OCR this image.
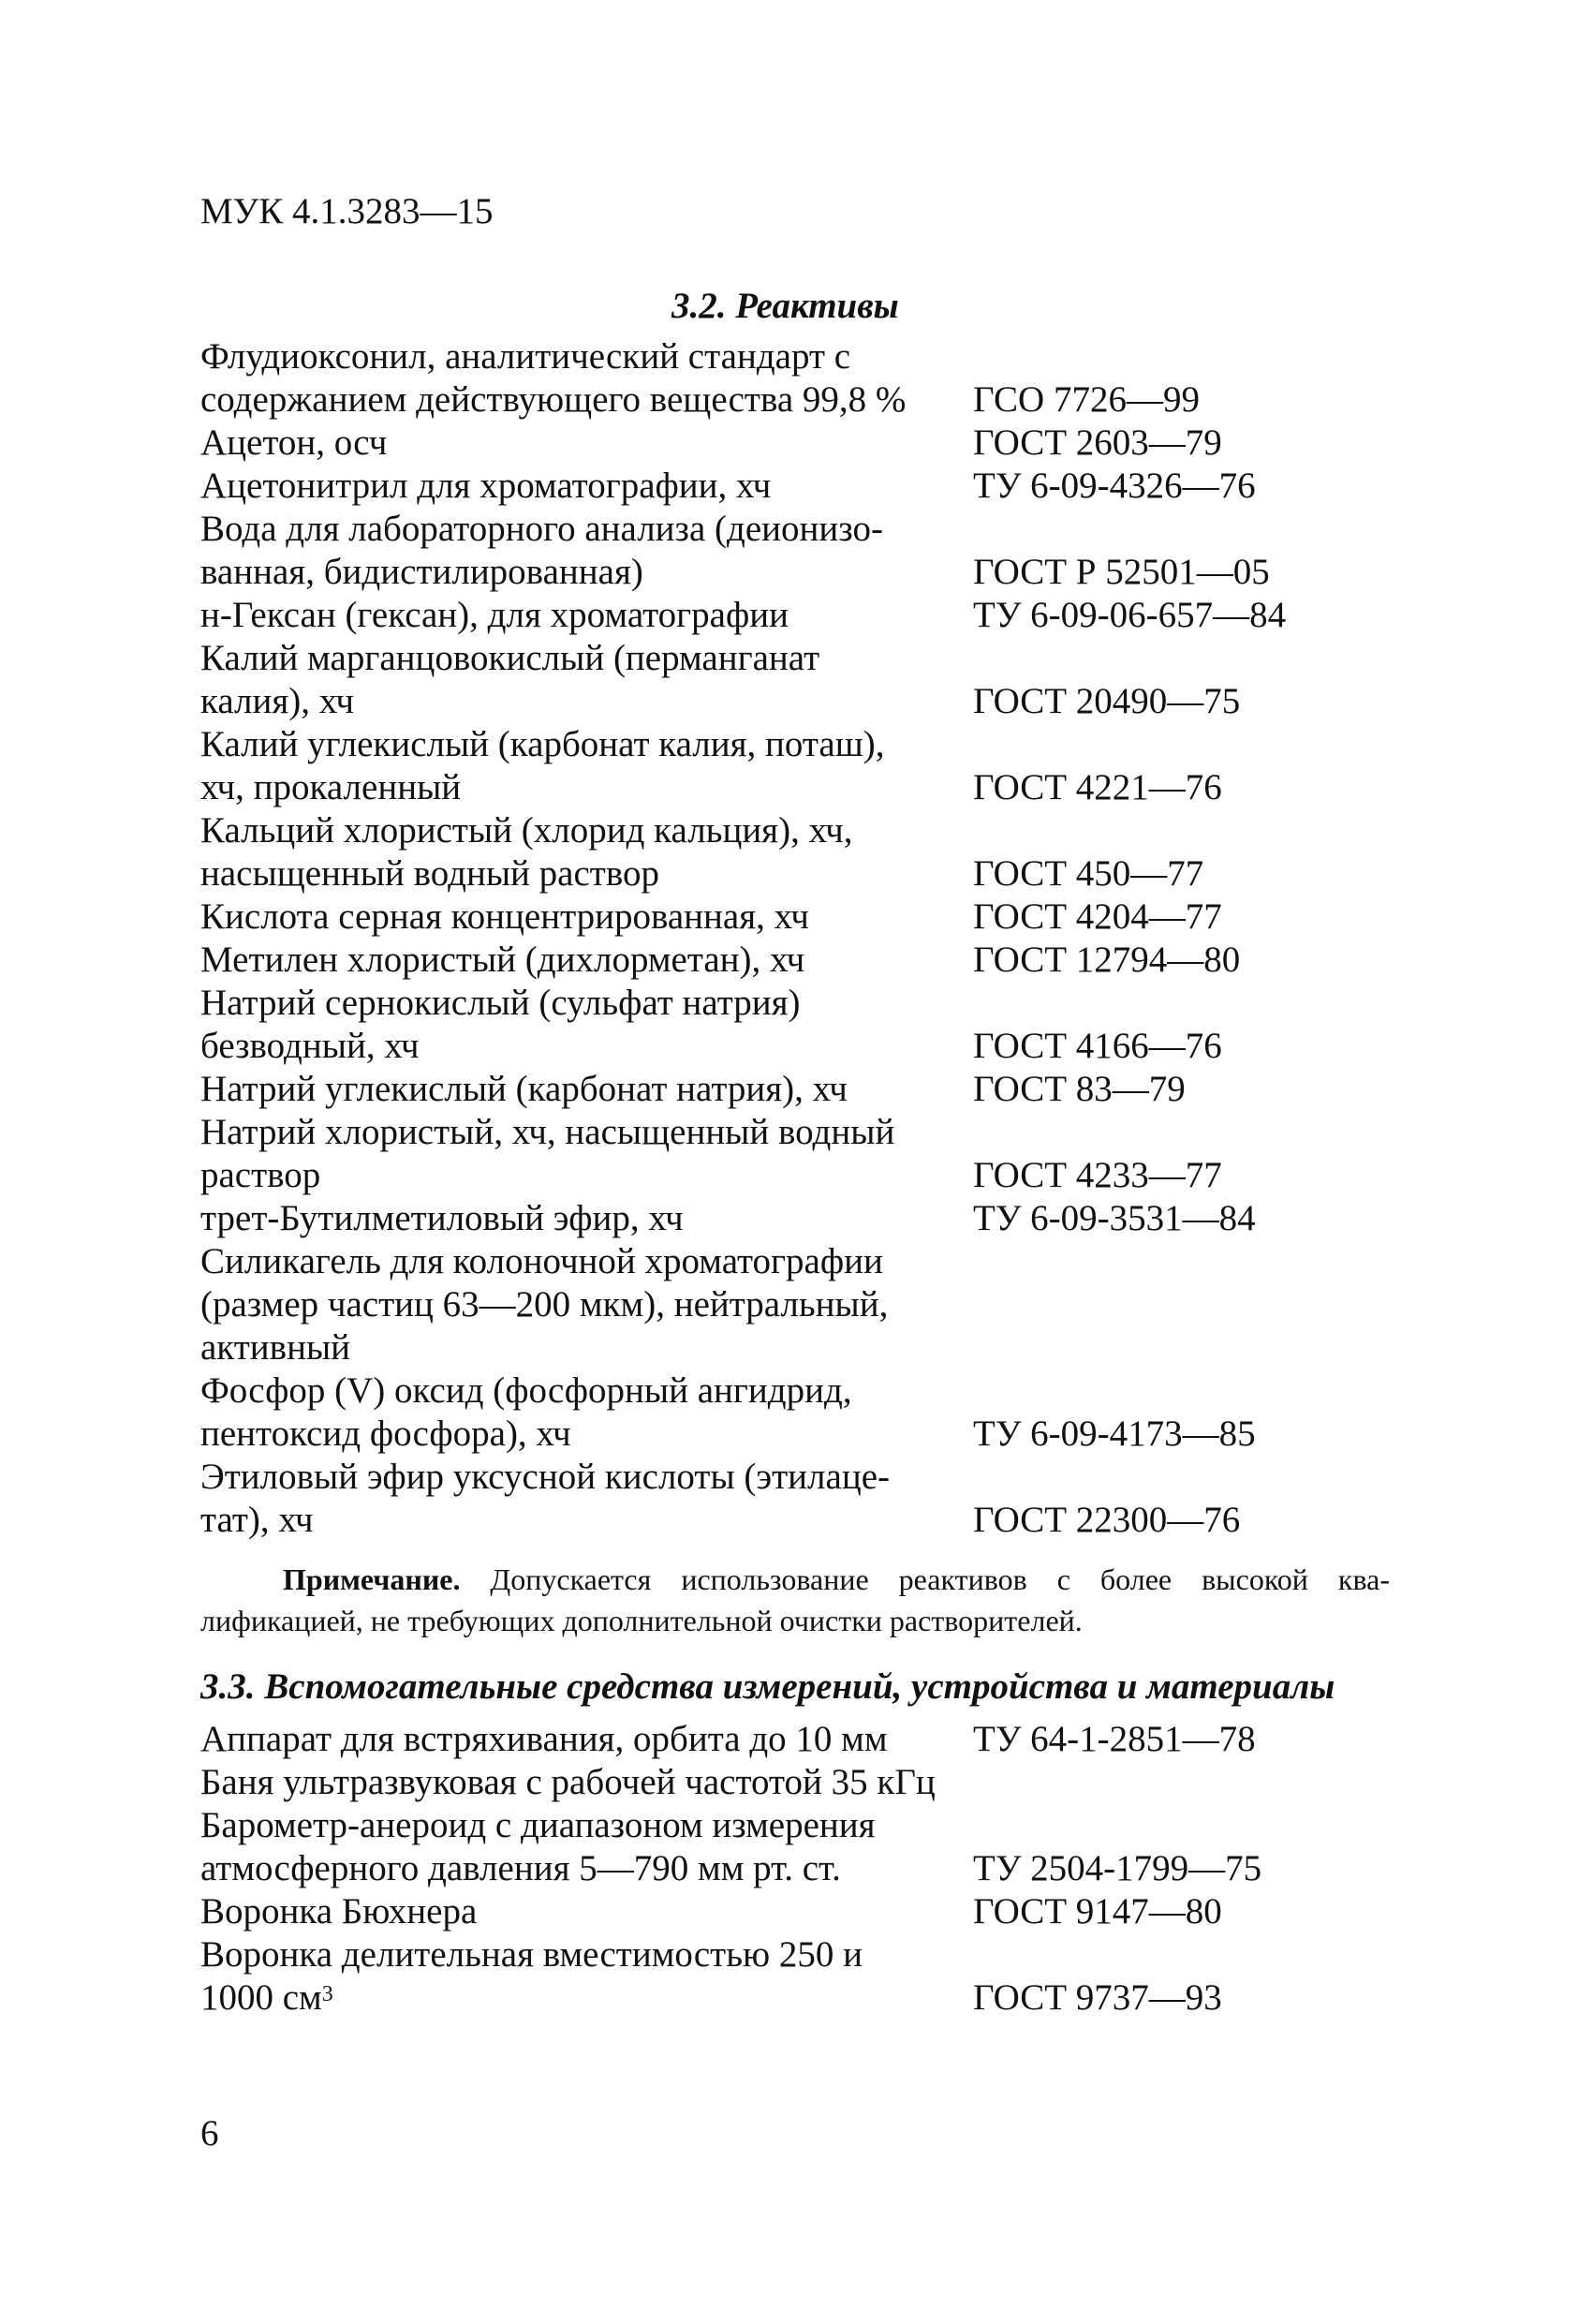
МУК 4.1.3283—15
3.2. Реактивы
Флудиоксонил, аналитический стандарт с
содержанием действующего вещества 99,8 %	ГСО 7726—99
Ацетон, осч	ГОСТ 2603—79
Ацетонитрил для хроматографии, хч	ТУ 6-09-4326—76
Вода для лабораторного анализа (деионизо-
ванная, бидистилированная)	ГОСТ Р 52501—05
н-Гексан (гексан), для хроматографии	ТУ 6-09-06-657—84
Калий марганцовокислый (перманганат
калия), хч	ГОСТ 20490—75
Калий углекислый (карбонат калия, поташ),
хч, прокаленный	ГОСТ 4221—76
Кальций хлористый (хлорид кальция), хч,
насыщенный водный раствор	ГОСТ 450—77
Кислота серная концентрированная, хч	ГОСТ 4204—77
Метилен хлористый (дихлорметан), хч	ГОСТ 12794—80
Натрий сернокислый (сульфат натрия)
безводный, хч	ГОСТ 4166—76
Натрий углекислый (карбонат натрия), хч	ГОСТ 83—79
Натрий хлористый, хч, насыщенный водный
раствор	ГОСТ 4233—77
трет-Бутилметиловый эфир, хч	ТУ 6-09-3531—84
Силикагель для колоночной хроматографии
(размер частиц 63—200 мкм), нейтральный,
активный
Фосфор (V) оксид (фосфорный ангидрид,
пентоксид фосфора), хч	ТУ 6-09-4173—85
Этиловый эфир уксусной кислоты (этилаце-
тат), хч	ГОСТ 22300—76
Примечание. Допускается использованиe реактивов с более высокой ква-лификацией, не требующих дополнительной очистки растворителей.
3.3. Вспомогательные средства измерений, устройства и материалы
Аппарат для встряхивания, орбита до 10 мм	ТУ 64-1-2851—78
Баня ультразвуковая с рабочей частотой 35 кГц
Барометр-анероид с диапазоном измерения
атмосферного давления 5—790 мм рт. ст.	ТУ 2504-1799—75
Воронка Бюхнера	ГОСТ 9147—80
Воронка делительная вместимостью 250 и
1000 $см^3$	ГОСТ 9737—93
6
